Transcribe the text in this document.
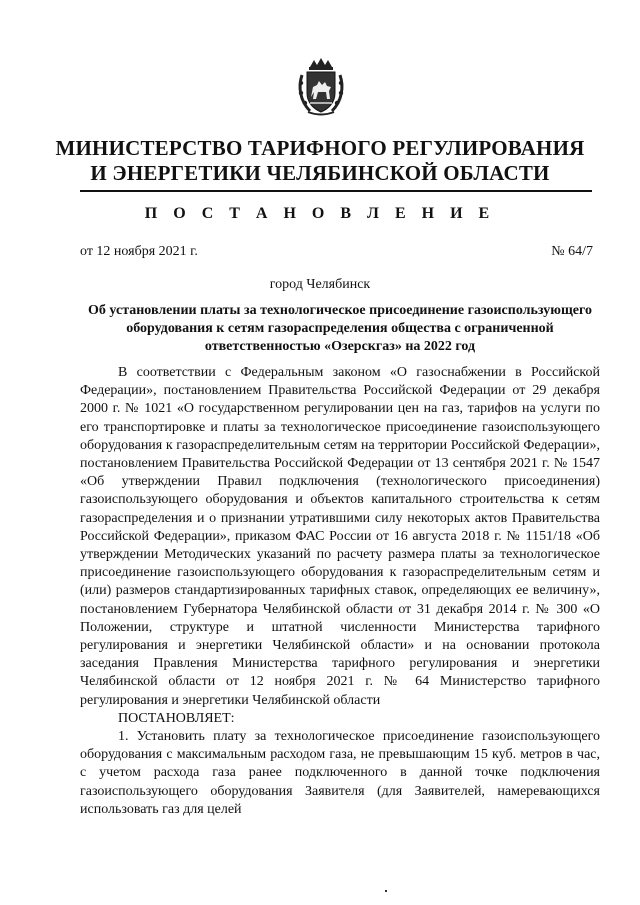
МИНИСТЕРСТВО ТАРИФНОГО РЕГУЛИРОВАНИЯ
И ЭНЕРГЕТИКИ ЧЕЛЯБИНСКОЙ ОБЛАСТИ
П О С Т А Н О В Л Е Н И Е
от 12 ноября 2021 г.	№ 64/7
город Челябинск
Об установлении платы за технологическое присоединение газоиспользующего оборудования к сетям газораспределения общества с ограниченной ответственностью «Озерскгаз» на 2022 год

В соответствии с Федеральным законом «О газоснабжении в Российской Федерации», постановлением Правительства Российской Федерации от 29 декабря 2000 г. № 1021 «О государственном регулировании цен на газ, тарифов на услуги по его транспортировке и платы за технологическое присоединение газоиспользующего оборудования к газораспределительным сетям на территории Российской Федерации», постановлением Правительства Российской Федерации от 13 сентября 2021 г. № 1547 «Об утверждении Правил подключения (технологического присоединения) газоиспользующего оборудования и объектов капитального строительства к сетям газораспределения и о признании утратившими силу некоторых актов Правительства Российской Федерации», приказом ФАС России от 16 августа 2018 г. № 1151/18 «Об утверждении Методических указаний по расчету размера платы за технологическое присоединение газоиспользующего оборудования к газораспределительным сетям и (или) размеров стандартизированных тарифных ставок, определяющих ее величину», постановлением Губернатора Челябинской области от 31 декабря 2014 г. № 300 «О Положении, структуре и штатной численности Министерства тарифного регулирования и энергетики Челябинской области» и на основании протокола заседания Правления Министерства тарифного регулирования и энергетики Челябинской области от 12 ноября 2021 г. № 64 Министерство тарифного регулирования и энергетики Челябинской области

ПОСТАНОВЛЯЕТ:

1. Установить плату за технологическое присоединение газоиспользующего оборудования с максимальным расходом газа, не превышающим 15 куб. метров в час, с учетом расхода газа ранее подключенного в данной точке подключения газоиспользующего оборудования Заявителя (для Заявителей, намеревающихся использовать газ для целей
